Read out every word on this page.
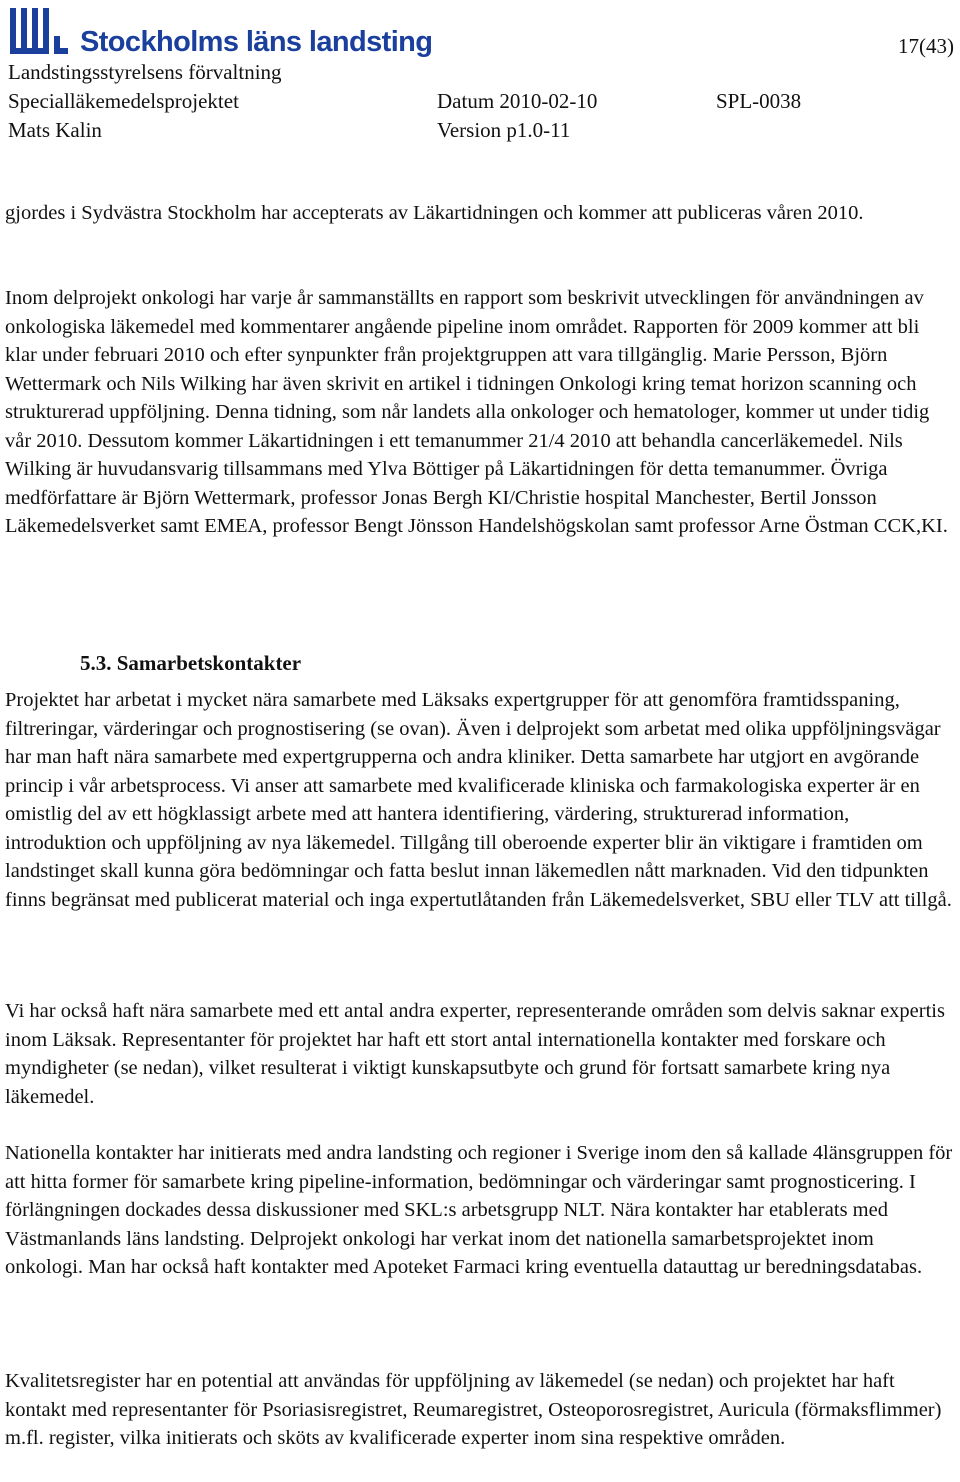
Stockholms läns landsting	17(43)
Landstingsstyrelsens förvaltning
Specialläkemedelsprojektet	Datum 2010-02-10	SPL-0038
Mats Kalin	Version p1.0-11

gjordes i Sydvästra Stockholm har accepterats av Läkartidningen och kommer att publiceras våren 2010.

Inom delprojekt onkologi har varje år sammanställts en rapport som beskrivit utvecklingen för användningen av onkologiska läkemedel med kommentarer angående pipeline inom området. Rapporten för 2009 kommer att bli klar under februari 2010 och efter synpunkter från projektgruppen att vara tillgänglig. Marie Persson, Björn Wettermark och Nils Wilking har även skrivit en artikel i tidningen Onkologi kring temat horizon scanning och strukturerad uppföljning. Denna tidning, som når landets alla onkologer och hematologer, kommer ut under tidig vår 2010. Dessutom kommer Läkartidningen i ett temanummer 21/4 2010 att behandla cancerläkemedel. Nils Wilking är huvudansvarig tillsammans med Ylva Böttiger på Läkartidningen för detta temanummer. Övriga medförfattare är Björn Wettermark, professor Jonas Bergh KI/Christie hospital Manchester, Bertil Jonsson Läkemedelsverket samt EMEA, professor Bengt Jönsson Handelshögskolan samt professor Arne Östman CCK,KI.

5.3. Samarbetskontakter

Projektet har arbetat i mycket nära samarbete med Läksaks expertgrupper för att genomföra framtidsspaning, filtreringar, värderingar och prognostisering (se ovan). Även i delprojekt som arbetat med olika uppföljningsvägar har man haft nära samarbete med expertgrupperna och andra kliniker. Detta samarbete har utgjort en avgörande princip i vår arbetsprocess. Vi anser att samarbete med kvalificerade kliniska och farmakologiska experter är en omistlig del av ett högklassigt arbete med att hantera identifiering, värdering, strukturerad information, introduktion och uppföljning av nya läkemedel. Tillgång till oberoende experter blir än viktigare i framtiden om landstinget skall kunna göra bedömningar och fatta beslut innan läkemedlen nått marknaden. Vid den tidpunkten finns begränsat med publicerat material och inga expertutlåtanden från Läkemedelsverket, SBU eller TLV att tillgå.

Vi har också haft nära samarbete med ett antal andra experter, representerande områden som delvis saknar expertis inom Läksak. Representanter för projektet har haft ett stort antal internationella kontakter med forskare och myndigheter (se nedan), vilket resulterat i viktigt kunskapsutbyte och grund för fortsatt samarbete kring nya läkemedel.

Nationella kontakter har initierats med andra landsting och regioner i Sverige inom den så kallade 4länsgruppen för att hitta former för samarbete kring pipeline-information, bedömningar och värderingar samt prognosticering. I förlängningen dockades dessa diskussioner med SKL:s arbetsgrupp NLT. Nära kontakter har etablerats med Västmanlands läns landsting. Delprojekt onkologi har verkat inom det nationella samarbetsprojektet inom onkologi. Man har också haft kontakter med Apoteket Farmaci kring eventuella datauttag ur beredningsdatabas.

Kvalitetsregister har en potential att användas för uppföljning av läkemedel (se nedan) och projektet har haft kontakt med representanter för Psoriasisregistret, Reumaregistret, Osteoporosregistret, Auricula (förmaksflimmer) m.fl. register, vilka initierats och sköts av kvalificerade experter inom sina respektive områden.
